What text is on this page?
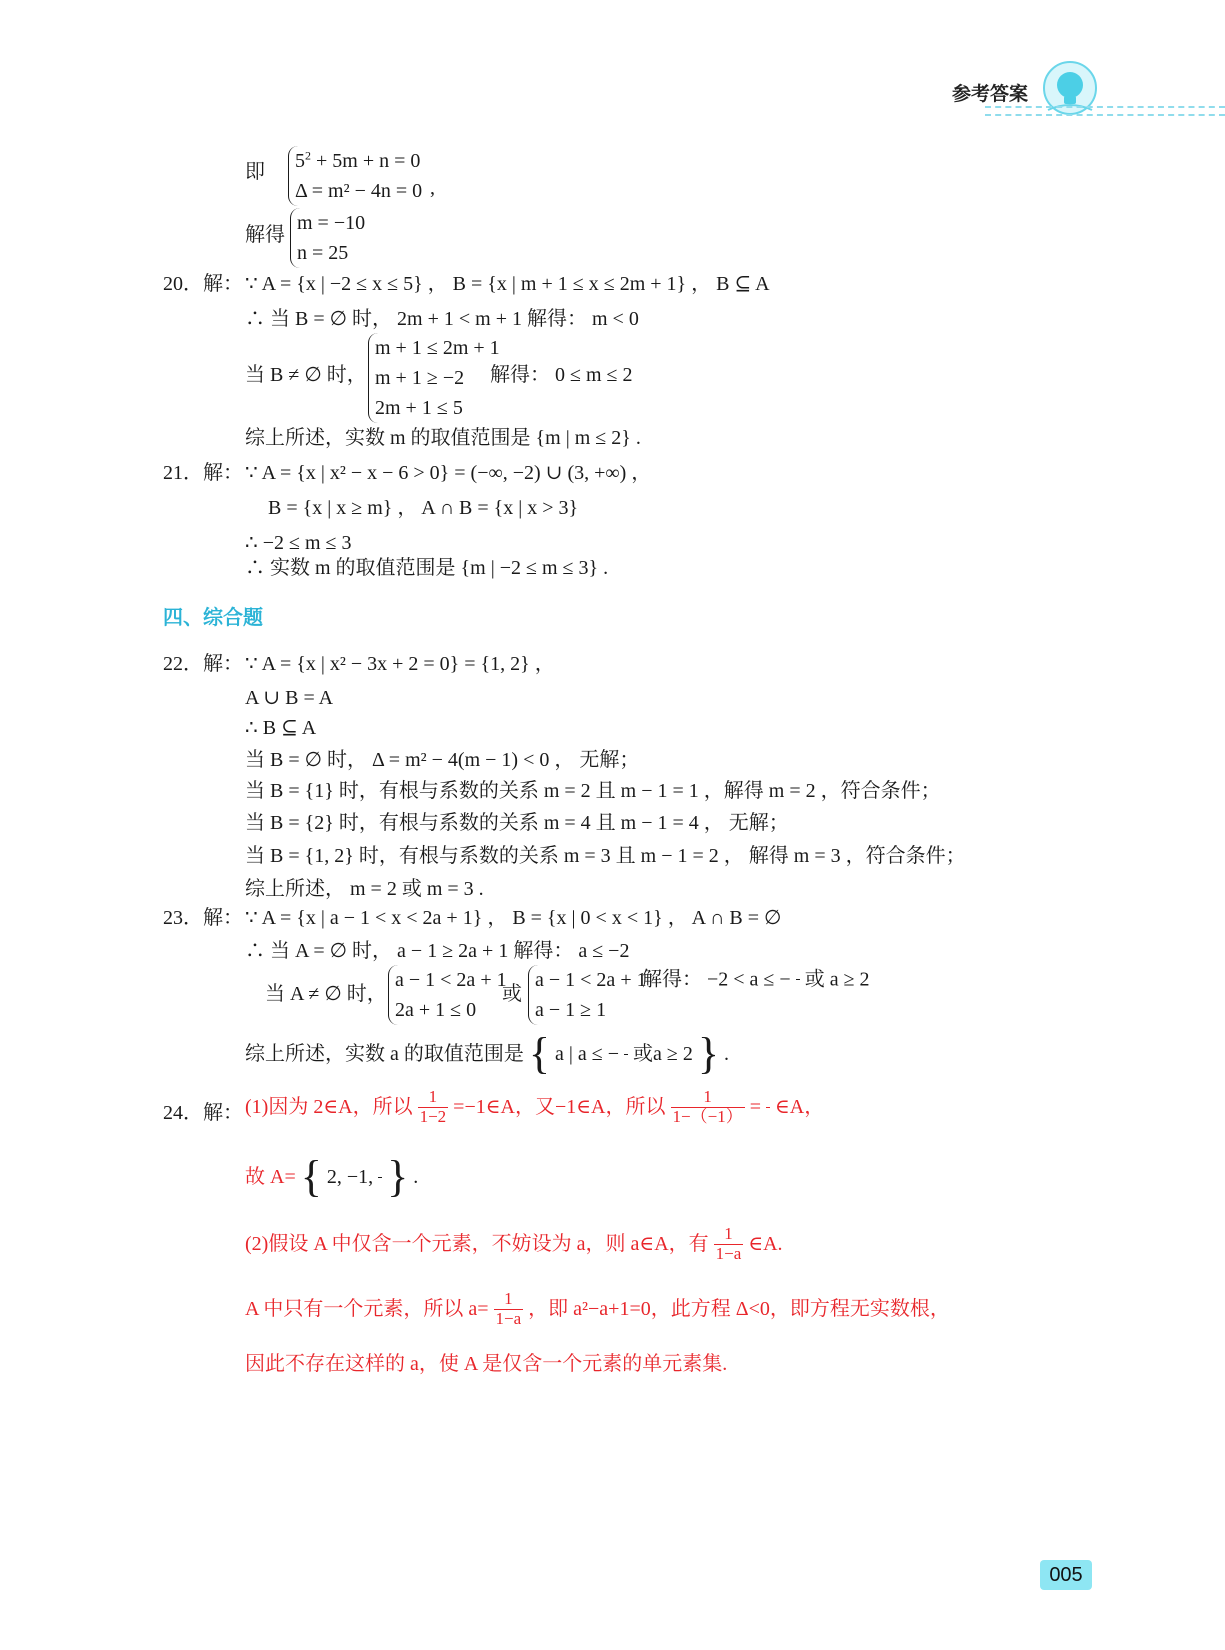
参考答案
即 $5^2 + 5m + n = 0$
Δ = m² − 4n = 0 ,
解得
m = −10
n = 25
20．解： ∵ A = {x | −2 ≤ x ≤ 5} ， B = {x | m + 1 ≤ x ≤ 2m + 1} ， B ⊆ A
∴ 当 B = ∅ 时， 2m + 1 < m + 1 解得： m < 0
当 B ≠ ∅ 时，
m + 1 ≤ 2m + 1
m + 1 ≥ −2
2m + 1 ≤ 5
解得： 0 ≤ m ≤ 2
综上所述，实数 m 的取值范围是 {m | m ≤ 2} .
21．解： ∵ A = {x | x² − x − 6 > 0} = (−∞, −2) ∪ (3, +∞) ，
B = {x | x ≥ m} ， A ∩ B = {x | x > 3}
∴ −2 ≤ m ≤ 3
∴ 实数 m 的取值范围是 {m | −2 ≤ m ≤ 3} .
四、综合题
22．解： ∵ A = {x | x² − 3x + 2 = 0} = {1, 2} ，
A ∪ B = A
∴ B ⊆ A
当 B = ∅ 时， Δ = m² − 4(m − 1) < 0 ， 无解；
当 B = {1} 时，有根与系数的关系 m = 2 且 m − 1 = 1 ，解得 m = 2 ，符合条件；
当 B = {2} 时，有根与系数的关系 m = 4 且 m − 1 = 4 ， 无解；
当 B = {1, 2} 时，有根与系数的关系 m = 3 且 m − 1 = 2 ， 解得 m = 3 ，符合条件；
综上所述， m = 2 或 m = 3 .
23．解： ∵ A = {x | a − 1 < x < 2a + 1} ， B = {x | 0 < x < 1} ， A ∩ B = ∅
∴ 当 A = ∅ 时， a − 1 ≥ 2a + 1 解得： a ≤ −2
当 A ≠ ∅ 时，
a − 1 < 2a + 1
2a + 1 ≤ 0
或
a − 1 < 2a + 1
a − 1 ≥ 1
解得： −2 < a ≤ − 或 a ≥ 2
综上所述，实数 a 的取值范围是 { a | a ≤ − 或a ≥ 2 } .
24．解： (1)因为 2∈A，所以 $\frac{1}{1-2}$ =−1∈A，又−1∈A，所以 $\frac{1}{1-(-1)}$ = ∈A，
故 A= { 2, −1, } .
(2)假设 A 中仅含一个元素，不妨设为 a，则 a∈A，有 $\frac{1}{1-a}$ ∈A.
A 中只有一个元素，所以 $a= \frac{1}{1-a}$ ，即 a²−a+1=0，此方程 Δ<0，即方程无实数根，
因此不存在这样的 a，使 A 是仅含一个元素的单元素集.
005
